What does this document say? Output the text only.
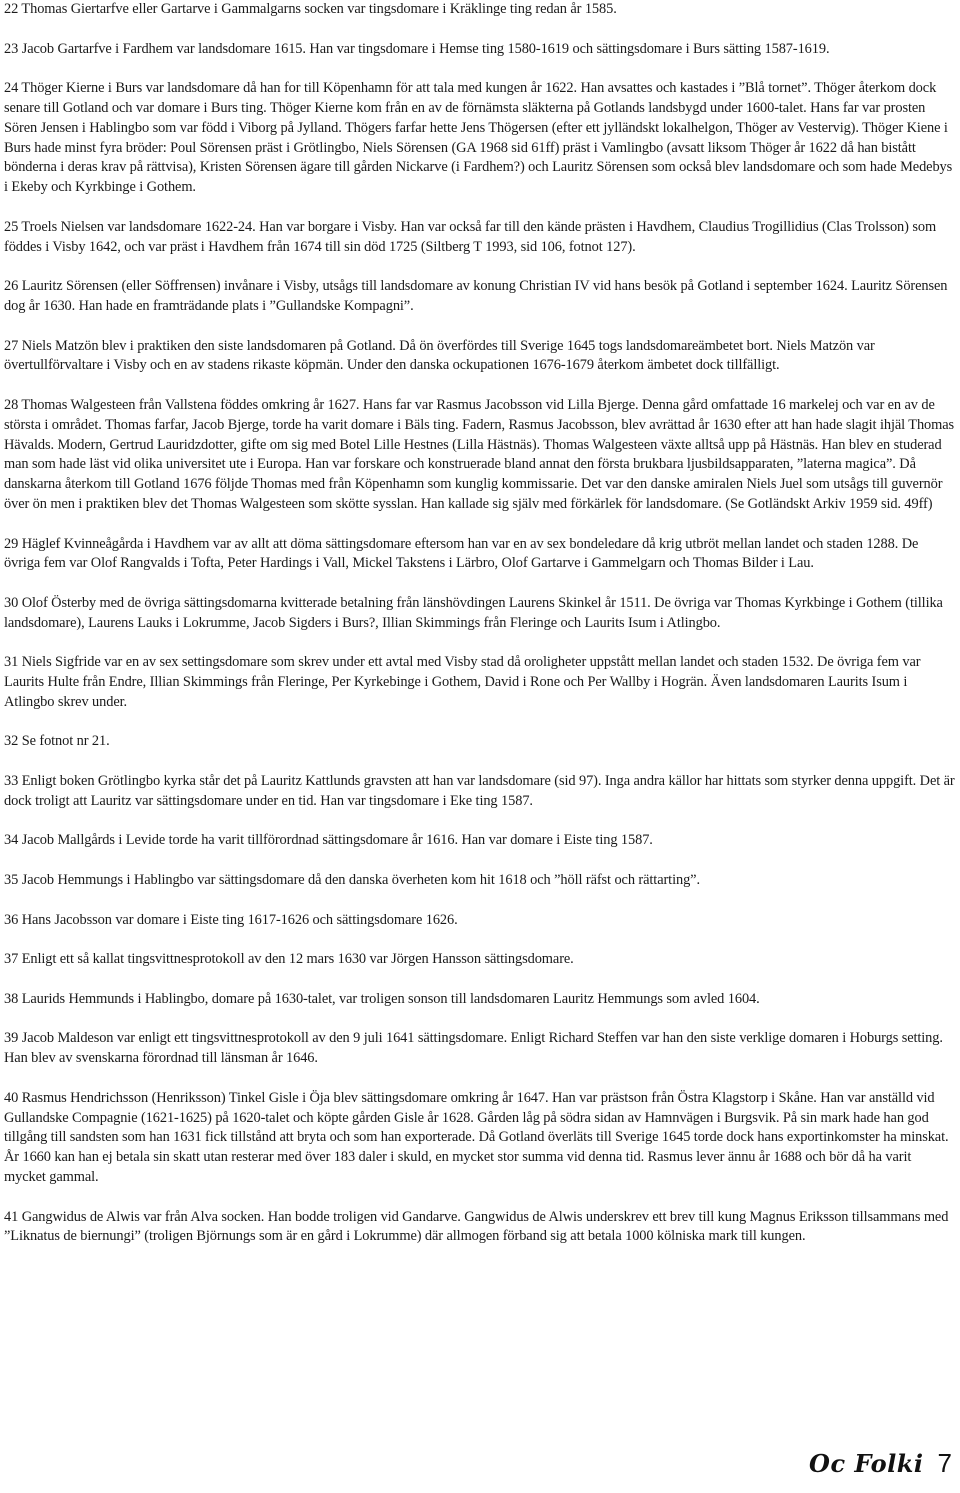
22 Thomas Giertarfve eller Gartarve i Gammalgarns socken var tingsdomare i Kräklinge ting redan år 1585.

23 Jacob Gartarfve i Fardhem var landsdomare 1615. Han var tingsdomare i Hemse ting 1580-1619 och sättingsdomare i Burs sätting 1587-1619.

24 Thöger Kierne i Burs var landsdomare då han for till Köpenhamn för att tala med kungen år 1622. Han avsattes och kastades i ”Blå tornet”. Thöger återkom dock senare till Gotland och var domare i Burs ting. Thöger Kierne kom från en av de förnämsta släkterna på Gotlands landsbygd under 1600-talet. Hans far var prosten Sören Jensen i Hablingbo som var född i Viborg på Jylland. Thögers farfar hette Jens Thögersen (efter ett jylländskt lokalhelgon, Thöger av Vestervig). Thöger Kiene i Burs hade minst fyra bröder: Poul Sörensen präst i Grötlingbo, Niels Sörensen (GA 1968 sid 61ff) präst i Vamlingbo (avsatt liksom Thöger år 1622 då han bistått bönderna i deras krav på rättvisa), Kristen Sörensen ägare till gården Nickarve (i Fardhem?) och Lauritz Sörensen som också blev landsdomare och som hade Medebys i Ekeby och Kyrkbinge i Gothem.

25 Troels Nielsen var landsdomare 1622-24. Han var borgare i Visby. Han var också far till den kände prästen i Havdhem, Claudius Trogillidius (Clas Trolsson) som föddes i Visby 1642, och var präst i Havdhem från 1674 till sin död 1725 (Siltberg T 1993, sid 106, fotnot 127).

26 Lauritz Sörensen (eller Söffrensen) invånare i Visby, utsågs till landsdomare av konung Christian IV vid hans besök på Gotland i september 1624. Lauritz Sörensen dog år 1630. Han hade en framträdande plats i ”Gullandske Kompagni”.

27 Niels Matzön blev i praktiken den siste landsdomaren på Gotland. Då ön överfördes till Sverige 1645 togs landsdomareämbetet bort. Niels Matzön var övertullförvaltare i Visby och en av stadens rikaste köpmän. Under den danska ockupationen 1676-1679 återkom ämbetet dock tillfälligt.

28 Thomas Walgesteen från Vallstena föddes omkring år 1627. Hans far var Rasmus Jacobsson vid Lilla Bjerge. Denna gård omfattade 16 markelej och var en av de största i området. Thomas farfar, Jacob Bjerge, torde ha varit domare i Bäls ting. Fadern, Rasmus Jacobsson, blev avrättad år 1630 efter att han hade slagit ihjäl Thomas Hävalds. Modern, Gertrud Lauridzdotter, gifte om sig med Botel Lille Hestnes (Lilla Hästnäs). Thomas Walgesteen växte alltså upp på Hästnäs. Han blev en studerad man som hade läst vid olika universitet ute i Europa. Han var forskare och konstruerade bland annat den första brukbara ljusbildsapparaten, ”laterna magica”. Då danskarna återkom till Gotland 1676 följde Thomas med från Köpenhamn som kunglig kommissarie. Det var den danske amiralen Niels Juel som utsågs till guvernör över ön men i praktiken blev det Thomas Walgesteen som skötte sysslan. Han kallade sig själv med förkärlek för landsdomare. (Se Gotländskt Arkiv 1959 sid. 49ff)

29 Häglef Kvinneågårda i Havdhem var av allt att döma sättingsdomare eftersom han var en av sex bondeledare då krig utbröt mellan landet och staden 1288. De övriga fem var Olof Rangvalds i Tofta, Peter Hardings i Vall, Mickel Takstens i Lärbro, Olof Gartarve i Gammelgarn och Thomas Bilder i Lau.

30 Olof Österby med de övriga sättingsdomarna kvitterade betalning från länshövdingen Laurens Skinkel år 1511. De övriga var Thomas Kyrkbinge i Gothem (tillika landsdomare), Laurens Lauks i Lokrumme, Jacob Sigders i Burs?, Illian Skimmings från Fleringe och Laurits Isum i Atlingbo.

31 Niels Sigfride var en av sex settingsdomare som skrev under ett avtal med Visby stad då oroligheter uppstått mellan landet och staden 1532. De övriga fem var Laurits Hulte från Endre, Illian Skimmings från Fleringe, Per Kyrkebinge i Gothem, David i Rone och Per Wallby i Hogrän. Även landsdomaren Laurits Isum i Atlingbo skrev under.

32 Se fotnot nr 21.

33 Enligt boken Grötlingbo kyrka står det på Lauritz Kattlunds gravsten att han var landsdomare (sid 97). Inga andra källor har hittats som styrker denna uppgift. Det är dock troligt att Lauritz var sättingsdomare under en tid. Han var tingsdomare i Eke ting 1587.

34 Jacob Mallgårds i Levide torde ha varit tillförordnad sättingsdomare år 1616. Han var domare i Eiste ting 1587.

35 Jacob Hemmungs i Hablingbo var sättingsdomare då den danska överheten kom hit 1618 och ”höll räfst och rättarting”.

36 Hans Jacobsson var domare i Eiste ting 1617-1626 och sättingsdomare 1626.

37 Enligt ett så kallat tingsvittnesprotokoll av den 12 mars 1630 var Jörgen Hansson sättingsdomare.

38 Laurids Hemmunds i Hablingbo, domare på 1630-talet, var troligen sonson till landsdomaren Lauritz Hemmungs som avled 1604.

39 Jacob Maldeson var enligt ett tingsvittnesprotokoll av den 9 juli 1641 sättingsdomare. Enligt Richard Steffen var han den siste verklige domaren i Hoburgs setting. Han blev av svenskarna förordnad till länsman år 1646.

40 Rasmus Hendrichsson (Henriksson) Tinkel Gisle i Öja blev sättingsdomare omkring år 1647. Han var prästson från Östra Klagstorp i Skåne. Han var anställd vid Gullandske Compagnie (1621-1625) på 1620-talet och köpte gården Gisle år 1628. Gården låg på södra sidan av Hamnvägen i Burgsvik. På sin mark hade han god tillgång till sandsten som han 1631 fick tillstånd att bryta och som han exporterade. Då Gotland överläts till Sverige 1645 torde dock hans exportinkomster ha minskat. År 1660 kan han ej betala sin skatt utan resterar med över 183 daler i skuld, en mycket stor summa vid denna tid. Rasmus lever ännu år 1688 och bör då ha varit mycket gammal.

41 Gangwidus de Alwis var från Alva socken. Han bodde troligen vid Gandarve. Gangwidus de Alwis underskrev ett brev till kung Magnus Eriksson tillsammans med ”Liknatus de biernungi” (troligen Björnungs som är en gård i Lokrumme) där allmogen förband sig att betala 1000 kölniska mark till kungen.

Oc Folki 7
